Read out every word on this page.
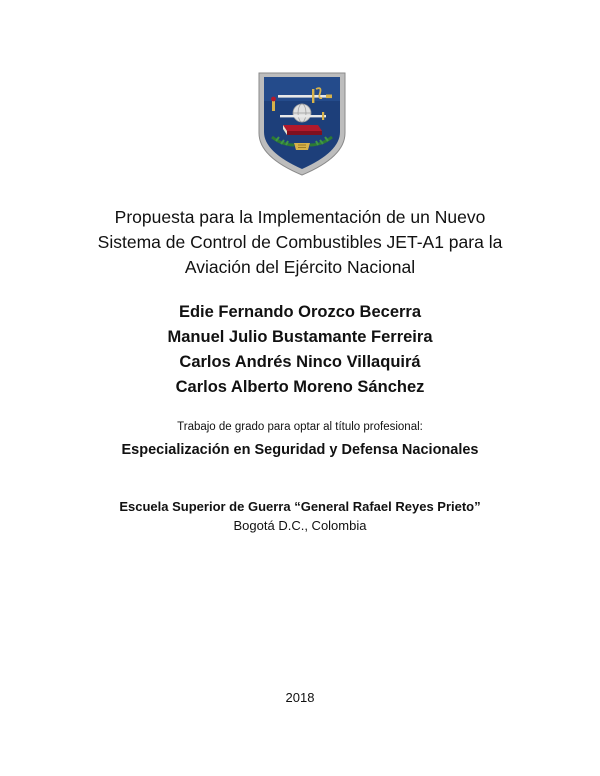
Propuesta para la Implementación de un Nuevo
Sistema de Control de Combustibles JET-A1 para la
Aviación del Ejército Nacional
Edie Fernando Orozco Becerra
Manuel Julio Bustamante Ferreira
Carlos Andrés Ninco Villaquirá
Carlos Alberto Moreno Sánchez
Trabajo de grado para optar al título profesional:
Especialización en Seguridad y Defensa Nacionales
Escuela Superior de Guerra “General Rafael Reyes Prieto”
Bogotá D.C., Colombia
2018
